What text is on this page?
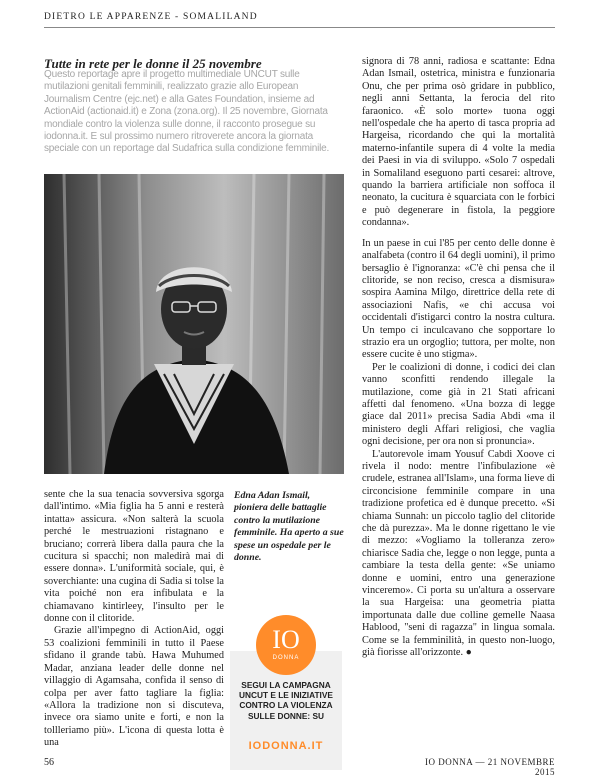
DIETRO LE APPARENZE - SOMALILAND
Tutte in rete per le donne il 25 novembre
Questo reportage apre il progetto multimediale UNCUT sulle mutilazioni genitali femminili, realizzato grazie allo European Journalism Centre (ejc.net) e alla Gates Foundation, insieme ad ActionAid (actionaid.it) e Zona (zona.org). Il 25 novembre, Giornata mondiale contro la violenza sulle donne, il racconto prosegue su iodonna.it. E sul prossimo numero ritroverete ancora la giornata speciale con un reportage dal Sudafrica sulla condizione femminile.

sente che la sua tenacia sovversiva sgorga dall'intimo. «Mia figlia ha 5 anni e resterà intatta» assicura. «Non salterà la scuola perché le mestruazioni ristagnano e bruciano; correrà libera dalla paura che la cucitura si spacchi; non maledirà mai di essere donna». L'uniformità sociale, qui, è soverchiante: una cugina di Sadia si tolse la vita poiché non era infibulata e la chiamavano kintirleey, l'insulto per le donne con il clitoride.

Grazie all'impegno di ActionAid, oggi 53 coalizioni femminili in tutto il Paese sfidano il grande tabù. Hawa Muhumed Madar, anziana leader delle donne nel villaggio di Agamsaha, confida il senso di colpa per aver fatto tagliare la figlia: «Allora la tradizione non si discuteva, invece ora siamo unite e forti, e non la tollleriamo più». L'icona di questa lotta è una

Edna Adan Ismail, pioniera delle battaglie contro la mutilazione femminile. Ha aperto a sue spese un ospedale per le donne.
IO
DONNA
SEGUI LA CAMPAGNA UNCUT E LE INIZIATIVE CONTRO LA VIOLENZA SULLE DONNE: SU
IODONNA.IT

signora di 78 anni, radiosa e scattante: Edna Adan Ismail, ostetrica, ministra e funzionaria Onu, che per prima osò gridare in pubblico, negli anni Settanta, la ferocia del rito faraonico. «È solo morte» tuona oggi nell'ospedale che ha aperto di tasca propria ad Hargeisa, ricordando che qui la mortalità materno-infantile supera di 4 volte la media dei Paesi in via di sviluppo. «Solo 7 ospedali in Somaliland eseguono parti cesarei: altrove, quando la barriera artificiale non soffoca il neonato, la cucitura è squarciata con le forbici e può degenerare in fistola, la peggiore condanna».

In un paese in cui l'85 per cento delle donne è analfabeta (contro il 64 degli uomini), il primo bersaglio è l'ignoranza: «C'è chi pensa che il clitoride, se non reciso, cresca a dismisura» sospira Aamina Milgo, direttrice della rete di associazioni Nafis, «e chi accusa voi occidentali d'istigarci contro la nostra cultura. Un tempo ci inculcavano che sopportare lo strazio era un orgoglio; tuttora, per molte, non essere cucite è uno stigma».

Per le coalizioni di donne, i codici dei clan vanno sconfitti rendendo illegale la mutilazione, come già in 21 Stati africani affetti dal fenomeno. «Una bozza di legge giace dal 2011» precisa Sadia Abdi «ma il ministero degli Affari religiosi, che vaglia ogni decisione, per ora non si pronuncia».

L'autorevole imam Yousuf Cabdi Xoove ci rivela il nodo: mentre l'infibulazione «è crudele, estranea all'Islam», una forma lieve di circoncisione femminile compare in una tradizione profetica ed è dunque precetto. «Si chiama Sunnah: un piccolo taglio del clitoride che dà purezza». Ma le donne rigettano le vie di mezzo: «Vogliamo la tolleranza zero» chiarisce Sadia che, legge o non legge, punta a cambiare la testa della gente: «Se uniamo donne e uomini, entro una generazione vinceremo». Ci porta su un'altura a osservare la sua Hargeisa: una geometria piatta importunata dalle due colline gemelle Naasa Hablood, "seni di ragazza" in lingua somala. Come se la femminilità, in questo non-luogo, già fiorisse all'orizzonte. ●

56	IO DONNA — 21 NOVEMBRE 2015
